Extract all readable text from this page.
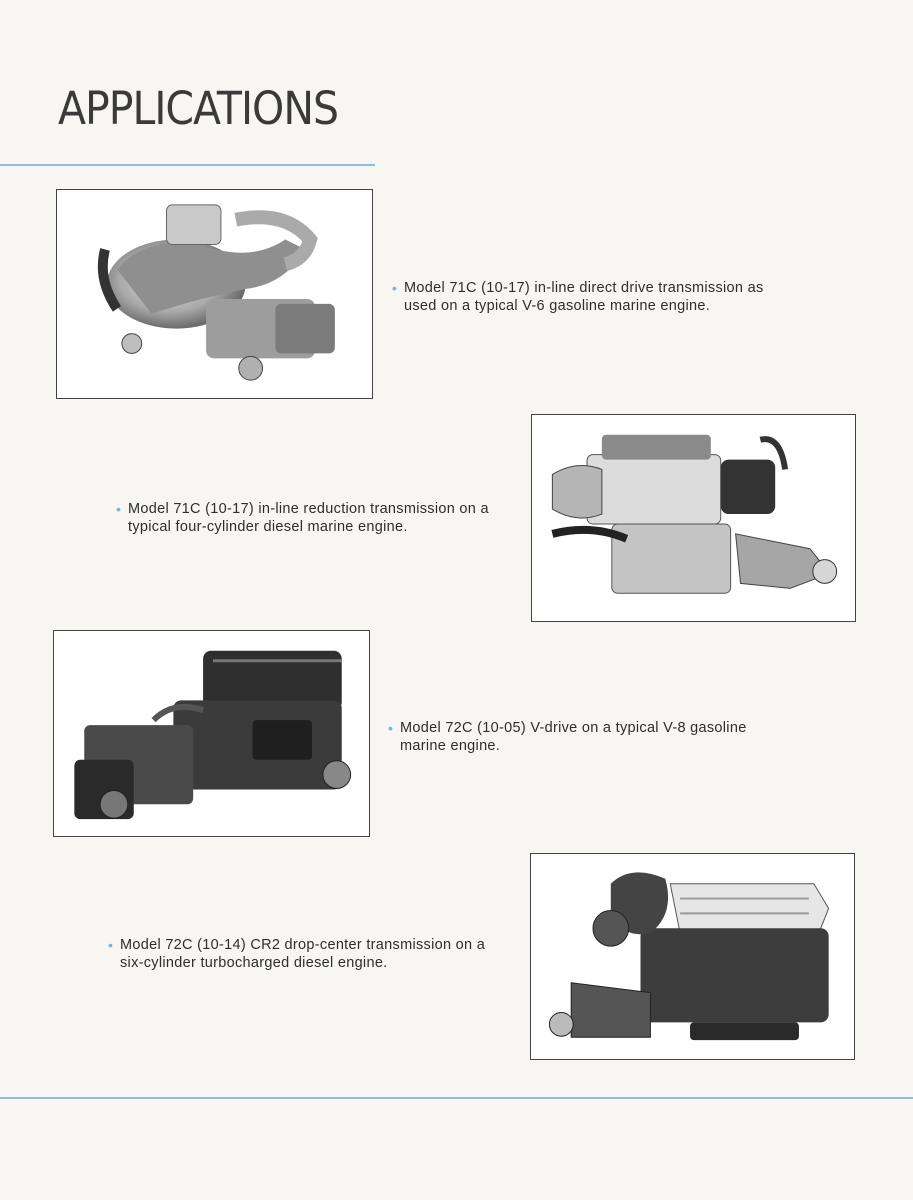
APPLICATIONS
• Model 71C (10-17) in-line direct drive transmission as
used on a typical V-6 gasoline marine engine.
• Model 71C (10-17) in-line reduction transmission on a
typical four-cylinder diesel marine engine.
• Model 72C (10-05) V-drive on a typical V-8 gasoline
marine engine.
• Model 72C (10-14) CR2 drop-center transmission on a
six-cylinder turbocharged diesel engine.
